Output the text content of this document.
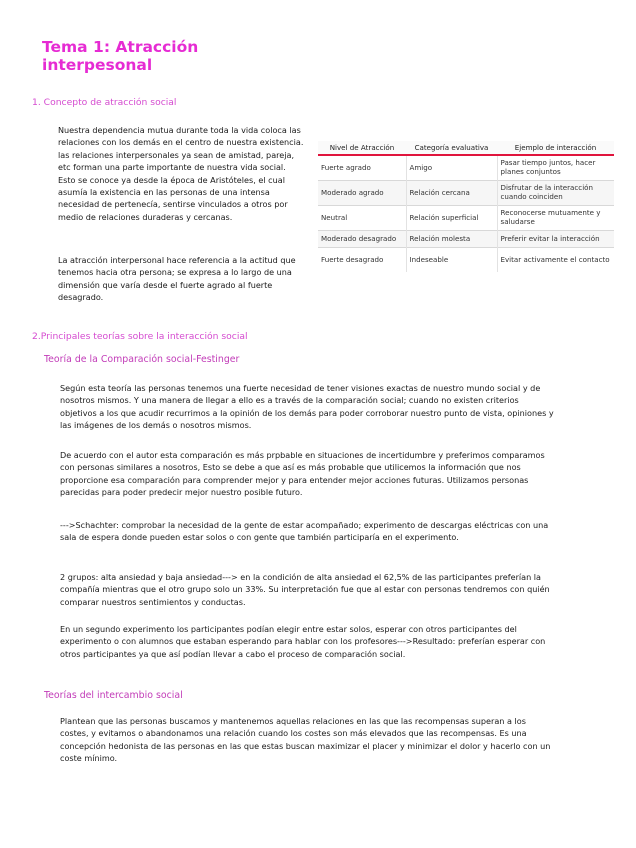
Tema 1: Atracción interpesonal
1. Concepto de atracción social

Nuestra dependencia mutua durante toda la vida coloca las relaciones con los demás en el centro de nuestra existencia. las relaciones interpersonales ya sean de amistad, pareja, etc forman una parte importante de nuestra vida social. Esto se conoce ya desde la época de Aristóteles, el cual asumía la existencia en las personas de una intensa necesidad de pertenecía, sentirse vinculados a otros por medio de relaciones duraderas y cercanas.

La atracción interpersonal hace referencia a la actitud que tenemos hacia otra persona; se expresa a lo largo de una dimensión que varía desde el fuerte agrado al fuerte desagrado.

Nivel de Atracción	Categoría evaluativa	Ejemplo de interacción
Fuerte agrado	Amigo	Pasar tiempo juntos, hacer planes conjuntos
Moderado agrado	Relación cercana	Disfrutar de la interacción cuando coinciden
Neutral	Relación superficial	Reconocerse mutuamente y saludarse
Moderado desagrado	Relación molesta	Preferir evitar la interacción
Fuerte desagrado	Indeseable	Evitar activamente el contacto
2.Principales teorías sobre la interacción social
Teoría de la Comparación social-Festinger

Según esta teoría las personas tenemos una fuerte necesidad de tener visiones exactas de nuestro mundo social y de nosotros mismos. Y una manera de llegar a ello es a través de la comparación social; cuando no existen criterios objetivos a los que acudir recurrimos a la opinión de los demás para poder corroborar nuestro punto de vista, opiniones y las imágenes de los demás o nosotros mismos.

De acuerdo con el autor esta comparación es más prpbable en situaciones de incertidumbre y preferimos comparamos con personas similares a nosotros, Esto se debe a que así es más probable que utilicemos la información que nos proporcione esa comparación para comprender mejor y para entender mejor acciones futuras. Utilizamos personas parecidas para poder predecir mejor nuestro posible futuro.

--->Schachter: comprobar la necesidad de la gente de estar acompañado; experimento de descargas eléctricas con una sala de espera donde pueden estar solos o con gente que también participaría en el experimento.

2 grupos: alta ansiedad y baja ansiedad---> en la condición de alta ansiedad el 62,5% de las participantes preferían la compañía mientras que el otro grupo solo un 33%. Su interpretación fue que al estar con personas tendremos con quién comparar nuestros sentimientos y conductas.

En un segundo experimento los participantes podían elegir entre estar solos, esperar con otros participantes del experimento o con alumnos que estaban esperando para hablar con los profesores--->Resultado: preferían esperar con otros participantes ya que así podían llevar a cabo el proceso de comparación social.

Teorías del intercambio social

Plantean que las personas buscamos y mantenemos aquellas relaciones en las que las recompensas superan a los costes, y evitamos o abandonamos una relación cuando los costes son más elevados que las recompensas. Es una concepción hedonista de las personas en las que estas buscan maximizar el placer y minimizar el dolor y hacerlo con un coste mínimo.
